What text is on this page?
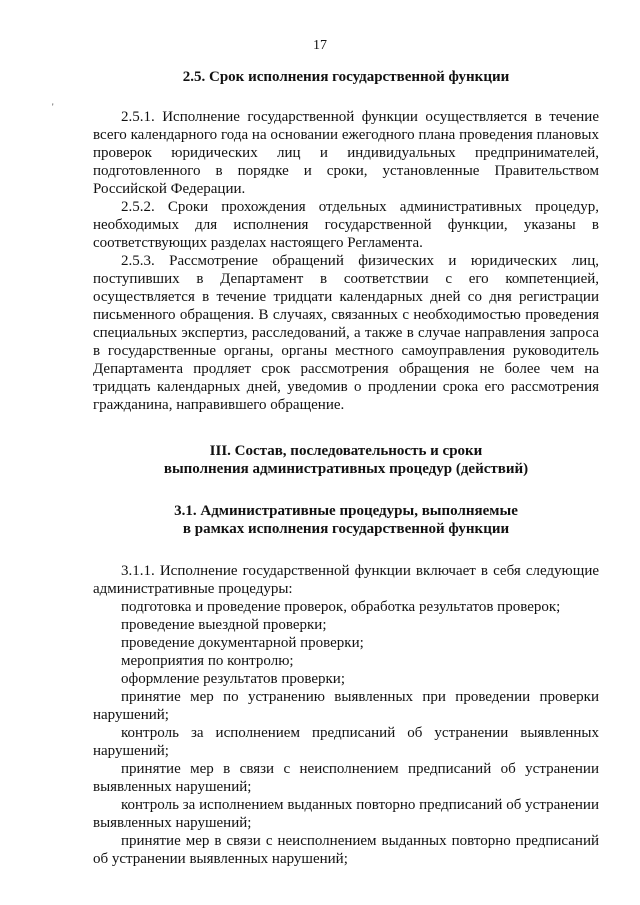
17
'
2.5. Срок исполнения государственной функции

2.5.1. Исполнение государственной функции осуществляется в течение всего календарного года на основании ежегодного плана проведения плановых проверок юридических лиц и индивидуальных предпринимателей, подготовленного в порядке и сроки, установленные Правительством Российской Федерации.

2.5.2. Сроки прохождения отдельных административных процедур, необходимых для исполнения государственной функции, указаны в соответствующих разделах настоящего Регламента.

2.5.3. Рассмотрение обращений физических и юридических лиц, поступивших в Департамент в соответствии с его компетенцией, осуществляется в течение тридцати календарных дней со дня регистрации письменного обращения. В случаях, связанных с необходимостью проведения специальных экспертиз, расследований, а также в случае направления запроса в государственные органы, органы местного самоуправления руководитель Департамента продляет срок рассмотрения обращения не более чем на тридцать календарных дней, уведомив о продлении срока его рассмотрения гражданина, направившего обращение.

III. Состав, последовательность и сроки
выполнения административных процедур (действий)
3.1. Административные процедуры, выполняемые
в рамках исполнения государственной функции

3.1.1. Исполнение государственной функции включает в себя следующие административные процедуры:

подготовка и проведение проверок, обработка результатов проверок;

проведение выездной проверки;

проведение документарной проверки;

мероприятия по контролю;

оформление результатов проверки;

принятие мер по устранению выявленных при проведении проверки нарушений;

контроль за исполнением предписаний об устранении выявленных нарушений;

принятие мер в связи с неисполнением предписаний об устранении выявленных нарушений;

контроль за исполнением выданных повторно предписаний об устранении выявленных нарушений;

принятие мер в связи с неисполнением выданных повторно предписаний об устранении выявленных нарушений;
